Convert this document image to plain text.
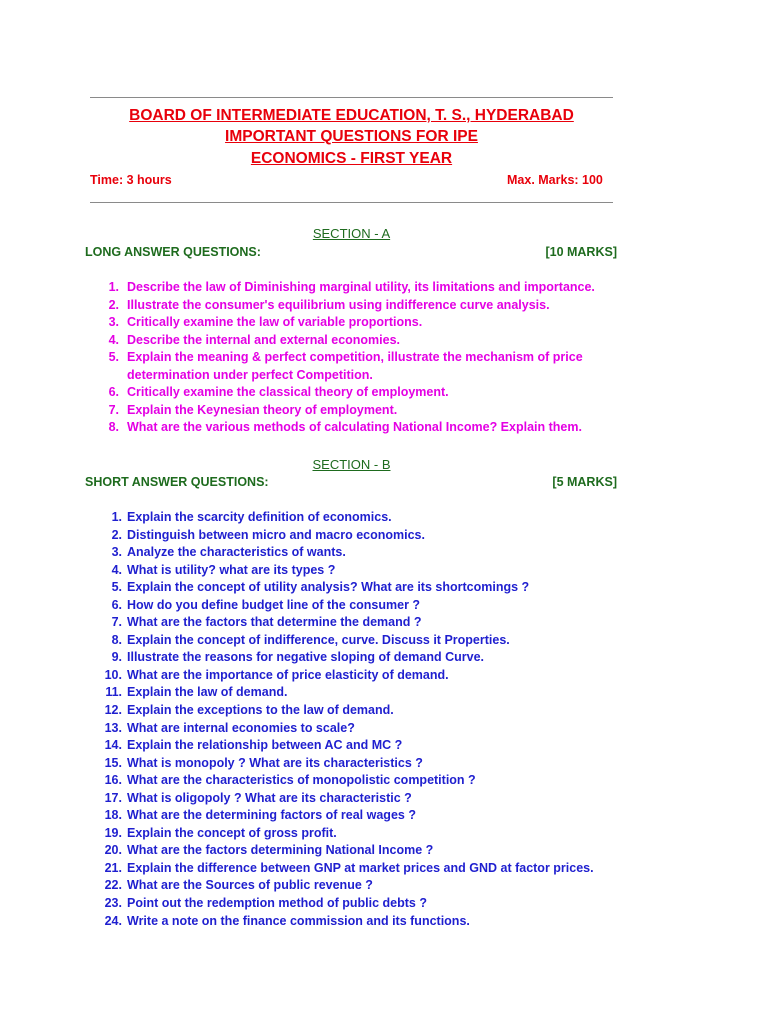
BOARD OF INTERMEDIATE EDUCATION, T. S., HYDERABAD
IMPORTANT QUESTIONS FOR IPE
ECONOMICS - FIRST YEAR
Time: 3 hours	Max. Marks: 100
SECTION - A
LONG ANSWER QUESTIONS:	[10 MARKS]
1. Describe the law of Diminishing marginal utility, its limitations and importance.
2. Illustrate the consumer's equilibrium using indifference curve analysis.
3. Critically examine the law of variable proportions.
4. Describe the internal and external economies.
5. Explain the meaning & perfect competition, illustrate the mechanism of price determination under perfect Competition.
6. Critically examine the classical theory of employment.
7. Explain the Keynesian theory of employment.
8. What are the various methods of calculating National Income? Explain them.
SECTION - B
SHORT ANSWER QUESTIONS:	[5 MARKS]
1. Explain the scarcity definition of economics.
2. Distinguish between micro and macro economics.
3. Analyze the characteristics of wants.
4. What is utility? what are its types ?
5. Explain the concept of utility analysis? What are its shortcomings ?
6. How do you define budget line of the consumer ?
7. What are the factors that determine the demand ?
8. Explain the concept of indifference, curve. Discuss it Properties.
9. Illustrate the reasons for negative sloping of demand Curve.
10. What are the importance of price elasticity of demand.
11. Explain the law of demand.
12. Explain the exceptions to the law of demand.
13. What are internal economies to scale?
14. Explain the relationship between AC and MC ?
15. What is monopoly ? What are its characteristics ?
16. What are the characteristics of monopolistic competition ?
17. What is oligopoly ? What are its characteristic ?
18. What are the determining factors of real wages ?
19. Explain the concept of gross profit.
20. What are the factors determining National Income ?
21. Explain the difference between GNP at market prices and GND at factor prices.
22. What are the Sources of public revenue ?
23. Point out the redemption method of public debts ?
24. Write a note on the finance commission and its functions.
